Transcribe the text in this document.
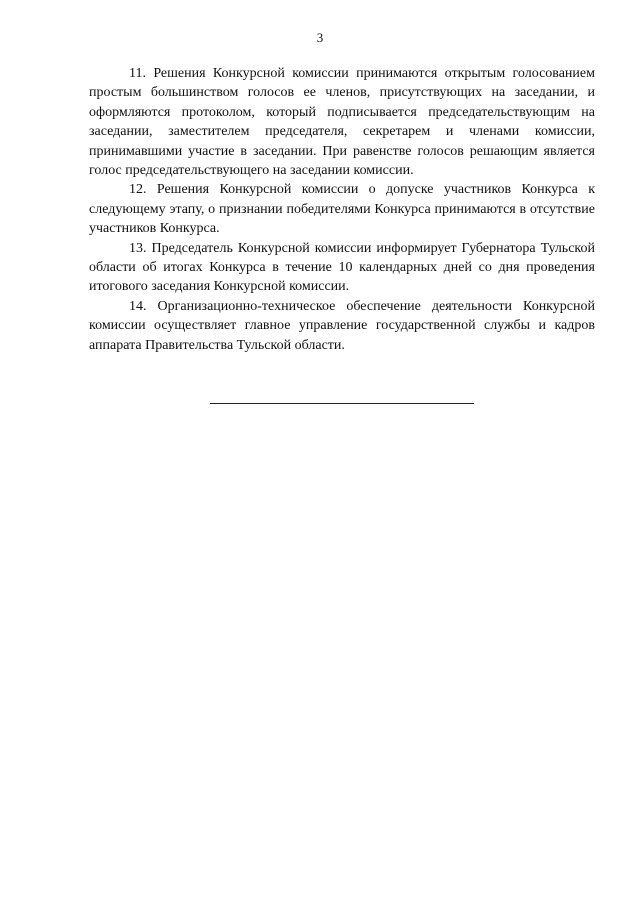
3

11. Решения Конкурсной комиссии принимаются открытым голосованием простым большинством голосов ее членов, присутствующих на заседании, и оформляются протоколом, который подписывается председательствующим на заседании, заместителем председателя, секретарем и членами комиссии, принимавшими участие в заседании. При равенстве голосов решающим является голос председательствующего на заседании комиссии.

12. Решения Конкурсной комиссии о допуске участников Конкурса к следующему этапу, о признании победителями Конкурса принимаются в отсутствие участников Конкурса.

13. Председатель Конкурсной комиссии информирует Губернатора Тульской области об итогах Конкурса в течение 10 календарных дней со дня проведения итогового заседания Конкурсной комиссии.

14. Организационно-техническое обеспечение деятельности Конкурсной комиссии осуществляет главное управление государственной службы и кадров аппарата Правительства Тульской области.
